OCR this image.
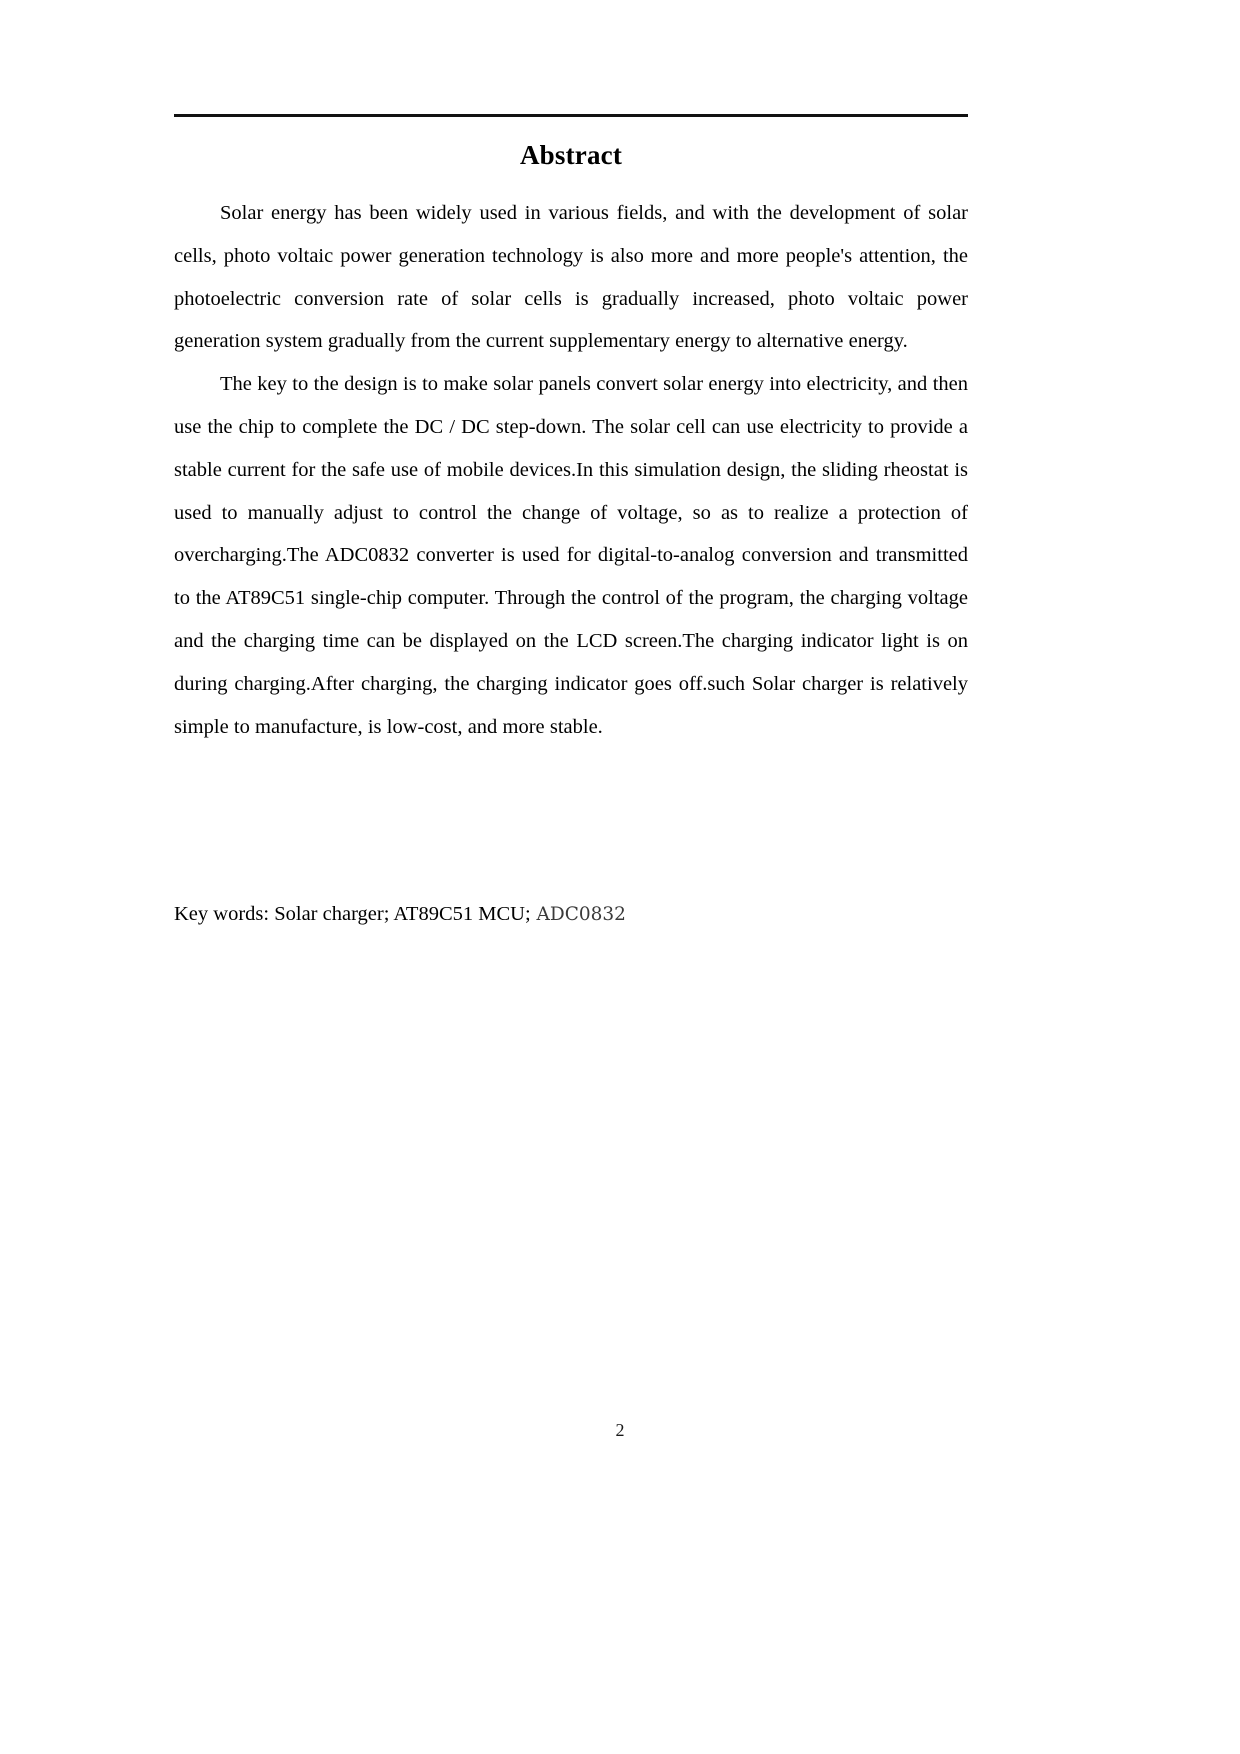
Abstract

Solar energy has been widely used in various fields, and with the development of solar cells, photo voltaic power generation technology is also more and more people's attention, the photoelectric conversion rate of solar cells is gradually increased, photo voltaic power generation system gradually from the current supplementary energy to alternative energy.

The key to the design is to make solar panels convert solar energy into electricity, and then use the chip to complete the DC / DC step-down. The solar cell can use electricity to provide a stable current for the safe use of mobile devices.In this simulation design, the sliding rheostat is used to manually adjust to control the change of voltage, so as to realize a protection of overcharging.The ADC0832 converter is used for digital-to-analog conversion and transmitted to the AT89C51 single-chip computer. Through the control of the program, the charging voltage and the charging time can be displayed on the LCD screen.The charging indicator light is on during charging.After charging, the charging indicator goes off.such Solar charger is relatively simple to manufacture, is low-cost, and more stable.

Key words: Solar charger; AT89C51 MCU; ADC0832
2
